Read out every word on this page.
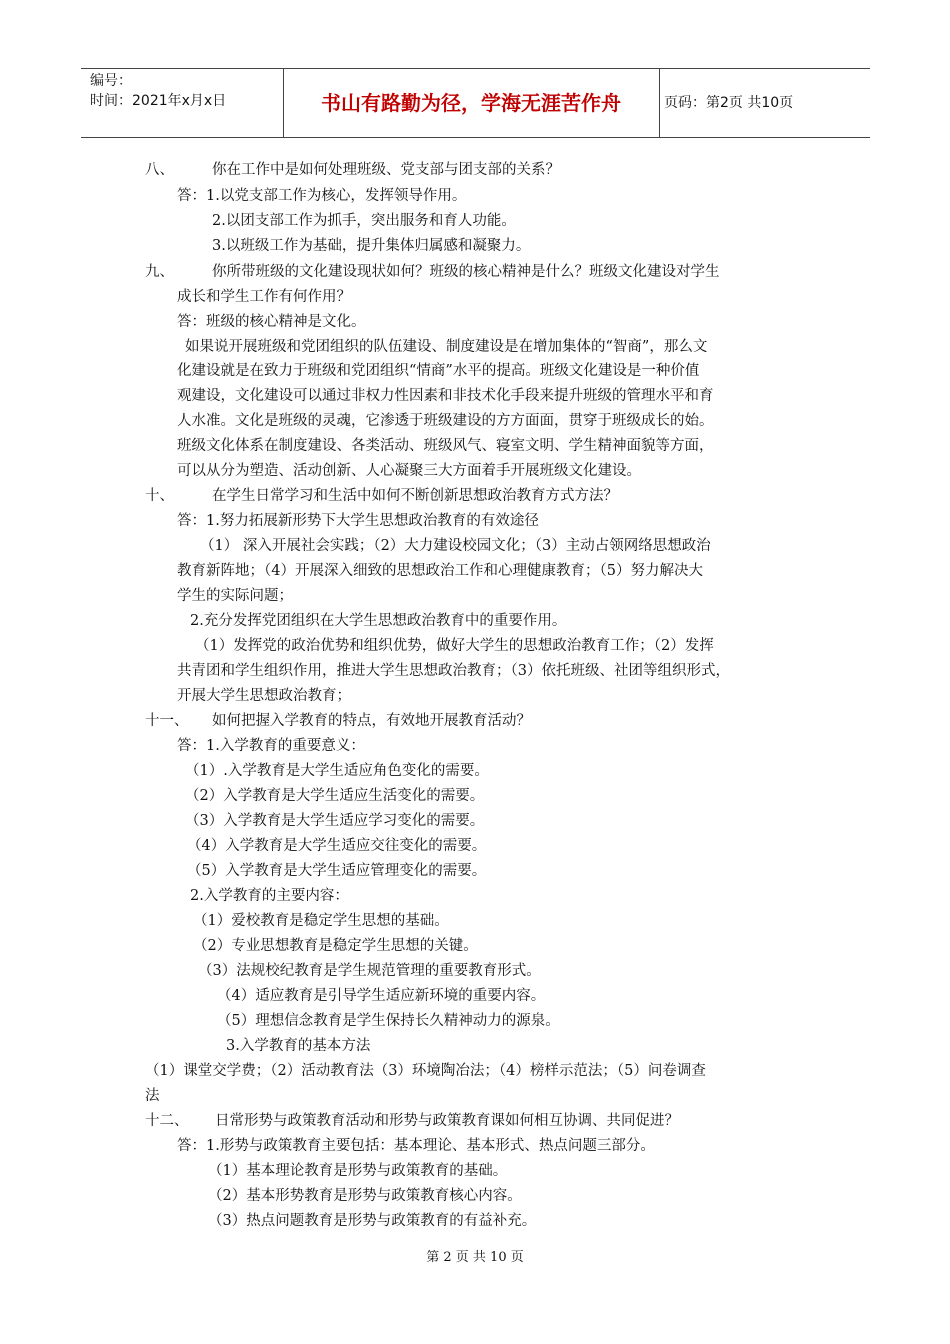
编号：
时间：2021年x月x日	书山有路勤为径，学海无涯苦作舟	页码：第2页 共10页
八、	你在工作中是如何处理班级、党支部与团支部的关系？
答：1.以党支部工作为核心，发挥领导作用。
2.以团支部工作为抓手，突出服务和育人功能。
3.以班级工作为基础，提升集体归属感和凝聚力。
九、	你所带班级的文化建设现状如何？班级的核心精神是什么？班级文化建设对学生
成长和学生工作有何作用？
答：班级的核心精神是文化。
如果说开展班级和党团组织的队伍建设、制度建设是在增加集体的“智商”，那么文
化建设就是在致力于班级和党团组织“情商”水平的提高。班级文化建设是一种价值
观建设，文化建设可以通过非权力性因素和非技术化手段来提升班级的管理水平和育
人水准。文化是班级的灵魂，它渗透于班级建设的方方面面，贯穿于班级成长的始。
班级文化体系在制度建设、各类活动、班级风气、寝室文明、学生精神面貌等方面，
可以从分为塑造、活动创新、人心凝聚三大方面着手开展班级文化建设。
十、	在学生日常学习和生活中如何不断创新思想政治教育方式方法？
答：1.努力拓展新形势下大学生思想政治教育的有效途径
（1） 深入开展社会实践；（2）大力建设校园文化；（3）主动占领网络思想政治
教育新阵地；（4）开展深入细致的思想政治工作和心理健康教育；（5）努力解决大
学生的实际问题；
2.充分发挥党团组织在大学生思想政治教育中的重要作用。
（1）发挥党的政治优势和组织优势，做好大学生的思想政治教育工作；（2）发挥
共青团和学生组织作用，推进大学生思想政治教育；（3）依托班级、社团等组织形式，
开展大学生思想政治教育；
十一、 如何把握入学教育的特点，有效地开展教育活动？
答：1.入学教育的重要意义：
（1）.入学教育是大学生适应角色变化的需要。
（2）入学教育是大学生适应生活变化的需要。
（3）入学教育是大学生适应学习变化的需要。
（4）入学教育是大学生适应交往变化的需要。
（5）入学教育是大学生适应管理变化的需要。
2.入学教育的主要内容：
（1）爱校教育是稳定学生思想的基础。
（2）专业思想教育是稳定学生思想的关键。
（3）法规校纪教育是学生规范管理的重要教育形式。
（4）适应教育是引导学生适应新环境的重要内容。
（5）理想信念教育是学生保持长久精神动力的源泉。
3.入学教育的基本方法
（1）课堂交学费；（2）活动教育法（3）环境陶冶法；（4）榜样示范法；（5）问卷调查
法
十二、 日常形势与政策教育活动和形势与政策教育课如何相互协调、共同促进？
答：1.形势与政策教育主要包括：基本理论、基本形式、热点问题三部分。
（1）基本理论教育是形势与政策教育的基础。
（2）基本形势教育是形势与政策教育核心内容。
（3）热点问题教育是形势与政策教育的有益补充。
第 2 页 共 10 页
